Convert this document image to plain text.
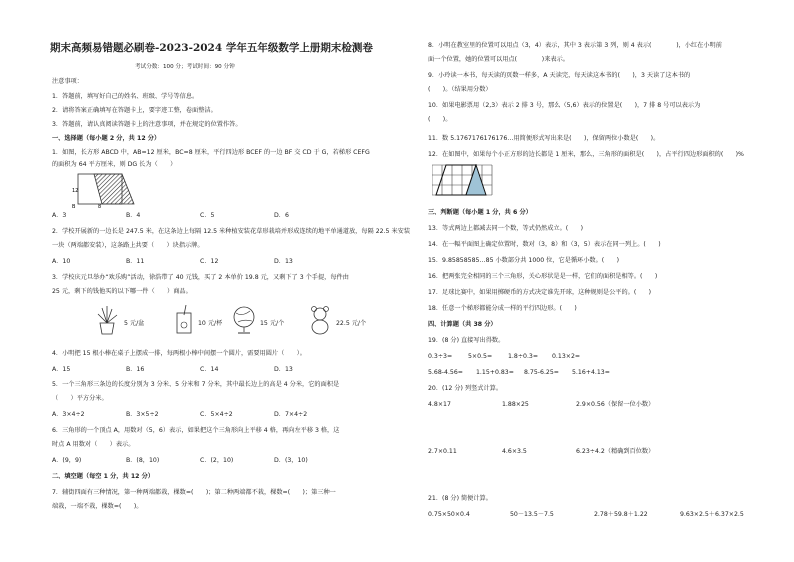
期末高频易错题必刷卷-2023-2024 学年五年级数学上册期末检测卷
考试分数：100 分；考试时间：90 分钟
注意事项：
1．答题前，填写好自己的姓名、班级、学号等信息。
2．请将答案正确填写在答题卡上，要字迹工整，卷面整洁。
3．答题前，请认真阅读答题卡上的注意事项，并在规定的位置作答。
一、选择题（每小题 2 分，共 12 分）
1．如图，长方形 ABCD 中，AB=12 厘米，BC=8 厘米，平行四边形 BCEF 的一边 BF 交 CD 于 G，若梯形 CEFG
的面积为 64 平方厘米，则 DG 长为（　　）
12
B	8
A．3	B．4	C．5	D．6
2．学校开展新的一边长是 247.5 米，在这条边上每隔 12.5 米种植安装花草形栽培并形成连续的地平单通道放，每隔 22.5 米安装
一块（两端都安装），这条路上共要（　　）块指示牌。
A．10	B．11	C．12	D．13
3．学校庆元旦举办“欢乐购”活动，徐浩带了 40 元钱，买了 2 本单价 19.8 元，又剩下了 3 个手提，每件由
25 元，剩下的钱他买的以下哪一件（　　）商品。
5 元/盆	10 元/杯	15 元/个	22.5 元/个
4．小明把 15 根小棒在桌子上摆成一排，每两根小棒中间摆一个圆片，需要用圆片（　　）。
A．15	B．16	C．14	D．13
5．一个三角形三条边的长度分别为 3 分米、5 分米和 7 分米，其中最长边上的高是 4 分米，它的面积是
（　　）平方分米。
A．3×4÷2	B．3×5÷2	C．5×4÷2	D．7×4÷2
6．三角形的一个顶点 A，用数对（5，6）表示，如果把这个三角形向上平移 4 格，再向左平移 3 格，这
时点 A 用数对（　　）表示。
A．(9，9)	B．(8，10)	C．(2，10)	D．(3，10)
二、填空题（每空 1 分，共 12 分）
7．辅街四面有三种情况，第一种两端都栽，棵数=(　　)；第二种两端都不栽，棵数=(　　)；第三种一
端栽，一端不栽，棵数=(　　)。
8．小明在教室里的位置可以用点（3，4）表示，其中 3 表示第 3 列，则 4 表示(　　　　)，小红在小明前
面一个位置，她的位置可以用点(　　　　)来表示。
9．小玲读一本书，每天读的页数一样多，A 天读完，每天读这本书的(　　)，3 天读了这本书的
(　　)。（结果用分数）
10．如果电影票用（2,3）表示 2 排 3 号，那么（5,6）表示的位置是(　　)，7 排 8 号可以表示为
(　　)。
11．数 5.1767176176176…用简便形式写出来是(　　)，保留两位小数是(　　)。
12．在如图中，如果每个小正方形的边长都是 1 厘米，那么，三角形的面积是(　　)，占平行四边形面积的(　　)%
三、判断题（每小题 1 分，共 6 分）
13．等式两边上都减去同一个数，等式仍然成立。(　　)
14．在一幅平面图上确定位置时，数对（3，8）和（3，5）表示在同一列上。(　　)
15．9.85858585…85 小数部分共 1000 位，它是循环小数。(　　)
16．把两张完全相同的三个三角形，关心形状是是一样，它们的面积是相等。(　　)
17．足球比赛中，如果用掷硬币的方式决定谁先开球，这种规则是公平的。(　　)
18．任意一个梯形都能分成一样的平行四边形。(　　)
四、计算题（共 38 分）
19．(8 分) 直接写出得数。
0.3÷3=	5×0.5=	1.8÷0.3= 0.13×2=
5.68-4.56= 1.15+0.83= 8.75-6.25= 5.16+4.13=
20．(12 分) 列竖式计算。
4.8×17	1.88×25	2.9×0.56（保留一位小数）
2.7×0.11	4.6×3.5	6.23÷4.2（精确到百位数）
21．(8 分) 简便计算。
0.75×50×0.4	50－13.5－7.5	2.78＋59.8＋1.22	9.63×2.5＋6.37×2.5
